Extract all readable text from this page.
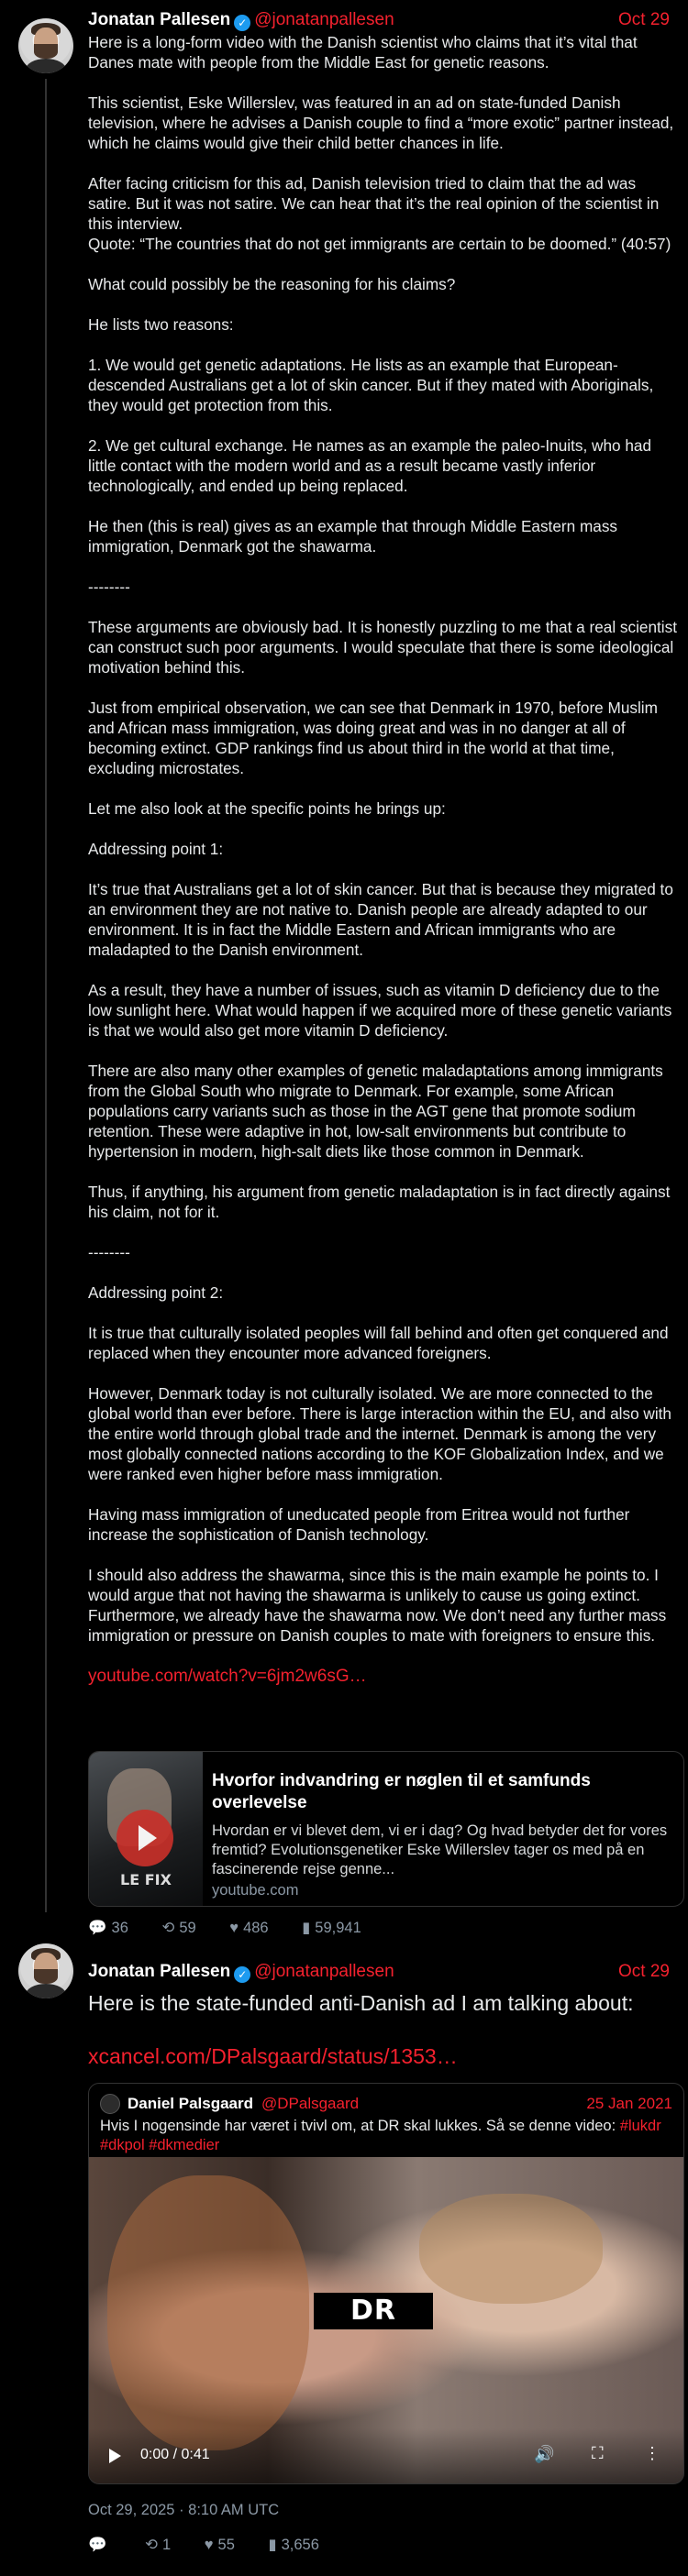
Jonatan Pallesen ✓ @jonatanpallesen	Oct 29

Here is a long-form video with the Danish scientist who claims that it’s vital that Danes mate with people from the Middle East for genetic reasons.

This scientist, Eske Willerslev, was featured in an ad on state-funded Danish television, where he advises a Danish couple to find a “more exotic” partner instead, which he claims would give their child better chances in life.

After facing criticism for this ad, Danish television tried to claim that the ad was satire. But it was not satire. We can hear that it’s the real opinion of the scientist in this interview.
Quote: “The countries that do not get immigrants are certain to be doomed.” (40:57)

What could possibly be the reasoning for his claims?

He lists two reasons:

1. We would get genetic adaptations. He lists as an example that European-descended Australians get a lot of skin cancer. But if they mated with Aboriginals, they would get protection from this.

2. We get cultural exchange. He names as an example the paleo-Inuits, who had little contact with the modern world and as a result became vastly inferior technologically, and ended up being replaced.

He then (this is real) gives as an example that through Middle Eastern mass immigration, Denmark got the shawarma.

--------

These arguments are obviously bad. It is honestly puzzling to me that a real scientist can construct such poor arguments. I would speculate that there is some ideological motivation behind this.

Just from empirical observation, we can see that Denmark in 1970, before Muslim and African mass immigration, was doing great and was in no danger at all of becoming extinct. GDP rankings find us about third in the world at that time, excluding microstates.

Let me also look at the specific points he brings up:

Addressing point 1:

It’s true that Australians get a lot of skin cancer. But that is because they migrated to an environment they are not native to. Danish people are already adapted to our environment. It is in fact the Middle Eastern and African immigrants who are maladapted to the Danish environment.

As a result, they have a number of issues, such as vitamin D deficiency due to the low sunlight here. What would happen if we acquired more of these genetic variants is that we would also get more vitamin D deficiency.

There are also many other examples of genetic maladaptations among immigrants from the Global South who migrate to Denmark. For example, some African populations carry variants such as those in the AGT gene that promote sodium retention. These were adaptive in hot, low-salt environments but contribute to hypertension in modern, high-salt diets like those common in Denmark.

Thus, if anything, his argument from genetic maladaptation is in fact directly against his claim, not for it.

--------

Addressing point 2:

It is true that culturally isolated peoples will fall behind and often get conquered and replaced when they encounter more advanced foreigners.

However, Denmark today is not culturally isolated. We are more connected to the global world than ever before. There is large interaction within the EU, and also with the entire world through global trade and the internet. Denmark is among the very most globally connected nations according to the KOF Globalization Index, and we were ranked even higher before mass immigration.

Having mass immigration of uneducated people from Eritrea would not further increase the sophistication of Danish technology.

I should also address the shawarma, since this is the main example he points to. I would argue that not having the shawarma is unlikely to cause us going extinct. Furthermore, we already have the shawarma now. We don’t need any further mass immigration or pressure on Danish couples to mate with foreigners to ensure this.

youtube.com/watch?v=6jm2w6sG…

LE FIX
Hvorfor indvandring er nøglen til et samfunds overlevelse
Hvordan er vi blevet dem, vi er i dag? Og hvad betyder det for vores fremtid? Evolutionsgenetiker Eske Willerslev tager os med på en fascinerende rejse genne...
youtube.com
💬 36 ⟲ 59 ♥ 486 ▮ 59,941
Jonatan Pallesen ✓ @jonatanpallesen	Oct 29
Here is the state-funded anti-Danish ad I am talking about:
xcancel.com/DPalsgaard/status/1353…
Daniel Palsgaard @DPalsgaard	25 Jan 2021
Hvis I nogensinde har været i tvivl om, at DR skal lukkes. Så se denne video: #lukdr #dkpol #dkmedier
DR
0:00 / 0:41	🔊 ⛶ ⋮
Oct 29, 2025 · 8:10 AM UTC
💬	⟲ 1 ♥ 55 ▮ 3,656
